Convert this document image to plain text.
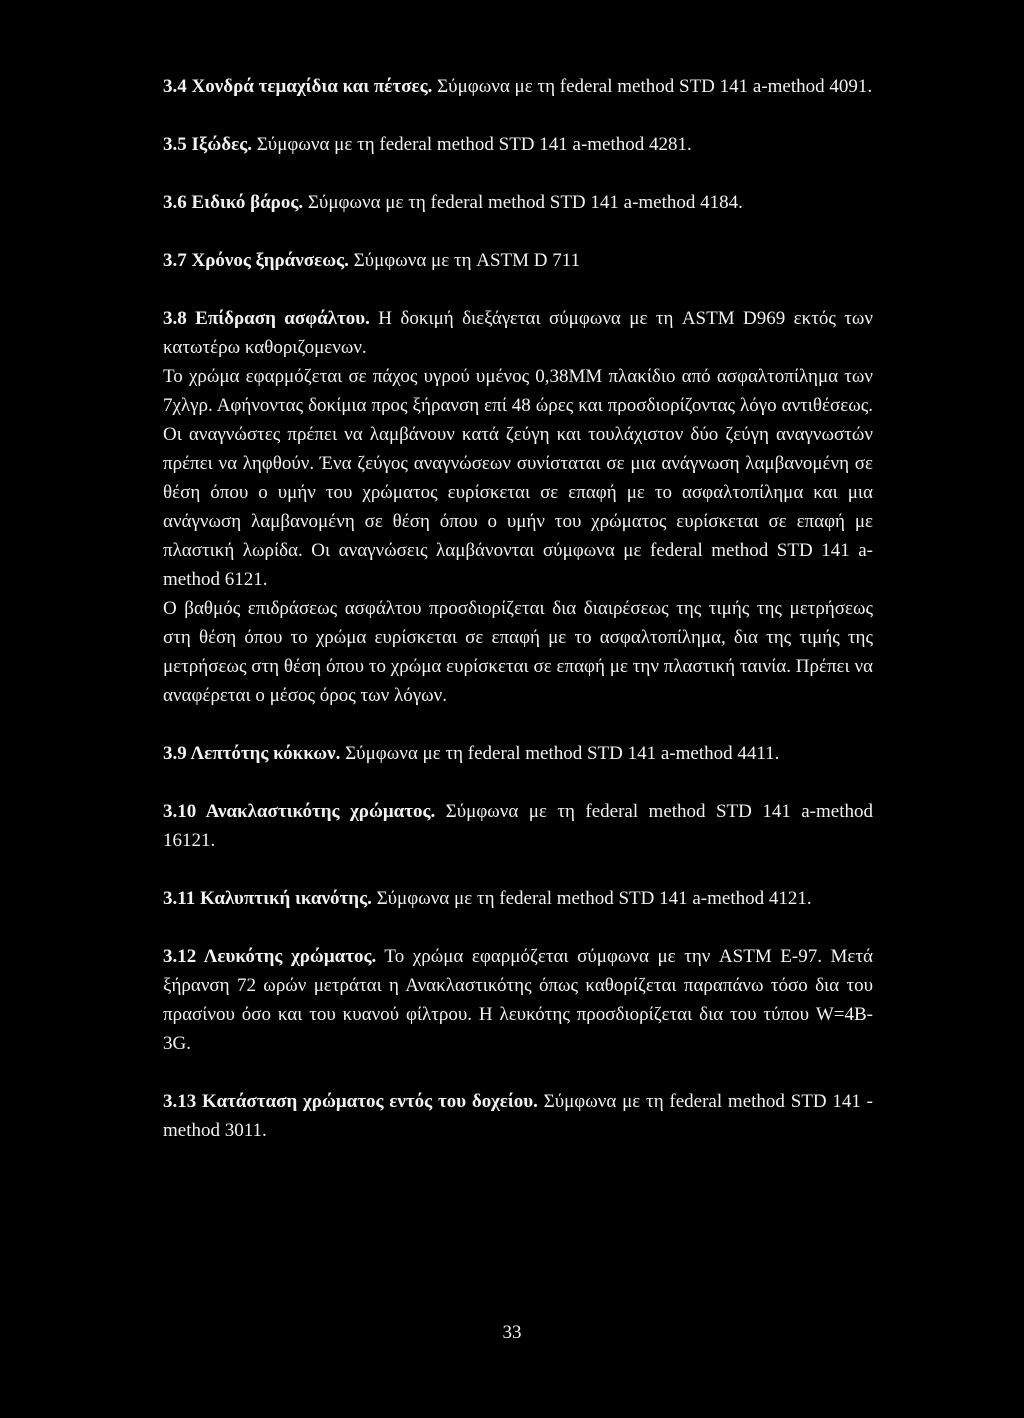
3.4 Χονδρά τεμαχίδια και πέτσες. Σύμφωνα με τη federal method STD 141 a-method 4091.

3.5 Ιξώδες. Σύμφωνα με τη federal method STD 141 a-method 4281.

3.6 Ειδικό βάρος. Σύμφωνα με τη federal method STD 141 a-method 4184.

3.7 Χρόνος ξηράνσεως. Σύμφωνα με τη ASTM D 711

3.8 Επίδραση ασφάλτου. Η δοκιμή διεξάγεται σύμφωνα με τη ASTM D969 εκτός των κατωτέρω καθοριζομενων.

Το χρώμα εφαρμόζεται σε πάχος υγρού υμένος 0,38ΜΜ πλακίδιο από ασφαλτοπίλημα των 7χλγρ. Αφήνοντας δοκίμια προς ξήρανση επί 48 ώρες και προσδιορίζοντας λόγο αντιθέσεως. Οι αναγνώστες πρέπει να λαμβάνουν κατά ζεύγη και τουλάχιστον δύο ζεύγη αναγνωστών πρέπει να ληφθούν. Ένα ζεύγος αναγνώσεων συνίσταται σε μια ανάγνωση λαμβανομένη σε θέση όπου ο υμήν του χρώματος ευρίσκεται σε επαφή με το ασφαλτοπίλημα και μια ανάγνωση λαμβανομένη σε θέση όπου ο υμήν του χρώματος ευρίσκεται σε επαφή με πλαστική λωρίδα. Οι αναγνώσεις λαμβάνονται σύμφωνα με federal method STD 141 a-method 6121.

Ο βαθμός επιδράσεως ασφάλτου προσδιορίζεται δια διαιρέσεως της τιμής της μετρήσεως στη θέση όπου το χρώμα ευρίσκεται σε επαφή με το ασφαλτοπίλημα, δια της τιμής της μετρήσεως στη θέση όπου το χρώμα ευρίσκεται σε επαφή με την πλαστική ταινία. Πρέπει να αναφέρεται ο μέσος όρος των λόγων.

3.9 Λεπτότης κόκκων. Σύμφωνα με τη federal method STD 141 a-method 4411.

3.10 Ανακλαστικότης χρώματος. Σύμφωνα με τη federal method STD 141 a-method 16121.

3.11 Καλυπτική ικανότης. Σύμφωνα με τη federal method STD 141 a-method 4121.

3.12 Λευκότης χρώματος. Το χρώμα εφαρμόζεται σύμφωνα με την ASTM E-97. Μετά ξήρανση 72 ωρών μετράται η Ανακλαστικότης όπως καθορίζεται παραπάνω τόσο δια του πρασίνου όσο και του κυανού φίλτρου. Η λευκότης προσδιορίζεται δια του τύπου W=4B-3G.

3.13 Κατάσταση χρώματος εντός του δοχείου. Σύμφωνα με τη federal method STD 141 - method 3011.

33
